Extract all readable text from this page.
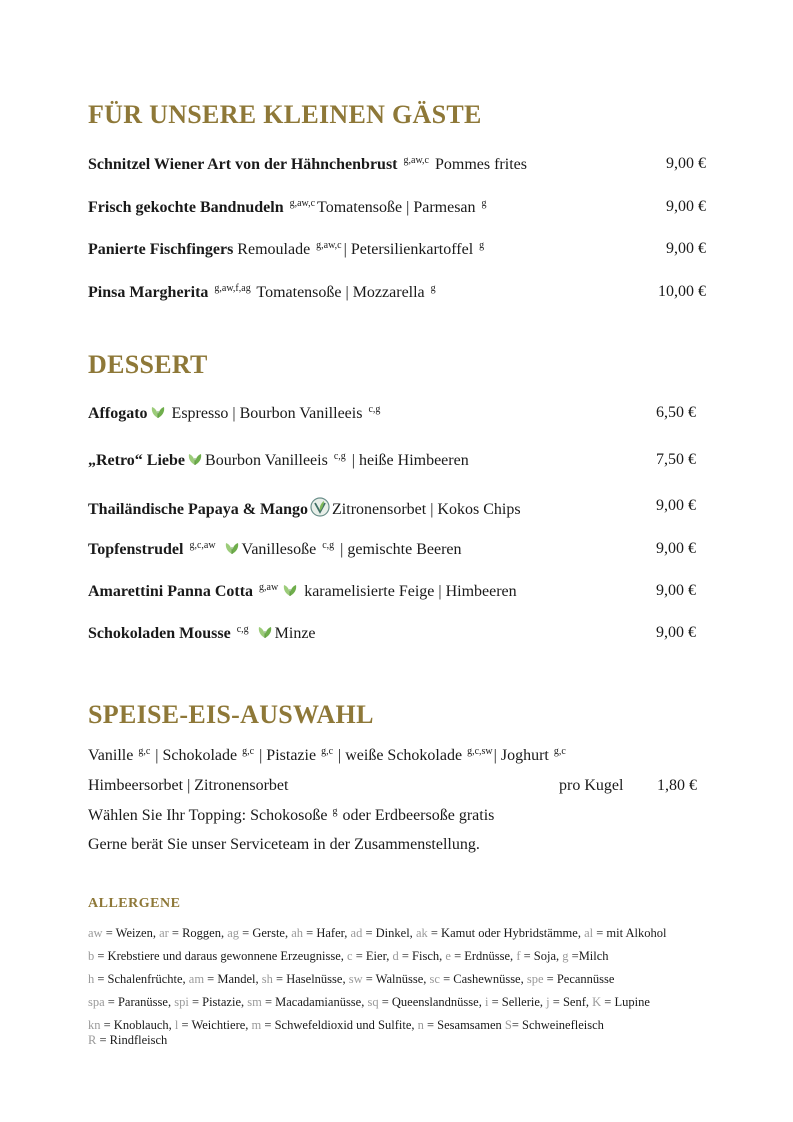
FÜR UNSERE KLEINEN GÄSTE
Schnitzel Wiener Art von der Hähnchenbrust $^{g,aw,c}$ Pommes frites	9,00 €
Frisch gekochte Bandnudeln $^{g,aw,c}$ Tomatensoße | Parmesan $^g$	9,00 €
Panierte Fischfingers Remoulade $^{g,aw,c}$ | Petersilienkartoffel $^g$	9,00 €
Pinsa Margherita $^{g,aw,f,ag}$ Tomatensoße | Mozzarella $^g$	10,00 €
DESSERT
Affogato Espresso | Bourbon Vanilleeis $^{c,g}$	6,50 €
„Retro“ Liebe Bourbon Vanilleeis $^{c,g}$ | heiße Himbeeren	7,50 €
Thailändische Papaya & Mango Zitronensorbet | Kokos Chips	9,00 €
Topfenstrudel $^{g,c,aw}$ Vanillesoße $^{c,g}$ | gemischte Beeren	9,00 €
Amarettini Panna Cotta $^{g,aw}$ karamelisierte Feige | Himbeeren	9,00 €
Schokoladen Mousse $^{c,g}$ Minze	9,00 €
SPEISE-EIS-AUSWAHL
Vanille $^{g,c}$ | Schokolade $^{g,c}$ | Pistazie $^{g,c}$ | weiße Schokolade $^{g,c,sw}$| Joghurt $^{g,c}$
Himbeersorbet | Zitronensorbet	pro Kugel 1,80 €
Wählen Sie Ihr Topping: Schokosoße $^g$ oder Erdbeersoße gratis
Gerne berät Sie unser Serviceteam in der Zusammenstellung.
ALLERGENE
aw = Weizen, ar = Roggen, ag = Gerste, ah = Hafer, ad = Dinkel, ak = Kamut oder Hybridstämme, al = mit Alkohol
b = Krebstiere und daraus gewonnene Erzeugnisse, c = Eier, d = Fisch, e = Erdnüsse, f = Soja, g =Milch
h = Schalenfrüchte, am = Mandel, sh = Haselnüsse, sw = Walnüsse, sc = Cashewnüsse, spe = Pecannüsse
spa = Paranüsse, spi = Pistazie, sm = Macadamianüsse, sq = Queenslandnüsse, i = Sellerie, j = Senf, K = Lupine
kn = Knoblauch, l = Weichtiere, m = Schwefeldioxid und Sulfite, n = Sesamsamen S= Schweinefleisch
R = Rindfleisch
